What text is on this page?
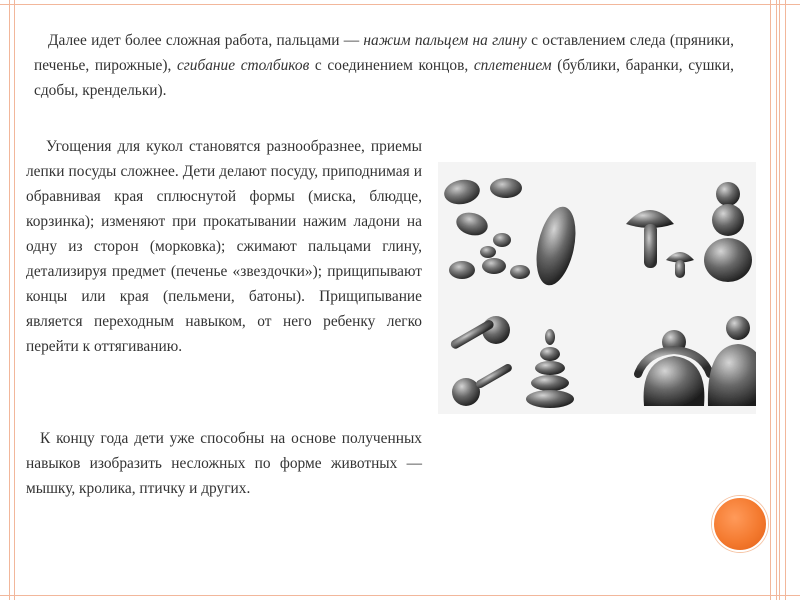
Далее идет более сложная работа, пальцами — нажим пальцем на глину с оставлением следа (пряники, печенье, пирожные), сгибание столбиков с соединением концов, сплетением (бублики, баранки, сушки, сдобы, крендельки).
Угощения для кукол становятся разнообразнее, приемы лепки посуды сложнее. Дети делают посуду, приподнимая и обравнивая края сплюснутой формы (миска, блюдце, корзинка); изменяют при прокатывании нажим ладони на одну из сторон (морковка); сжимают пальцами глину, детализируя предмет (печенье «звездочки»); прищипывают концы или края (пельмени, батоны). Прищипывание является переходным навыком, от него ребенку легко перейти к оттягиванию.
К концу года дети уже способны на основе полученных навыков изобразить несложных по форме животных — мышку, кролика, птичку и других.
